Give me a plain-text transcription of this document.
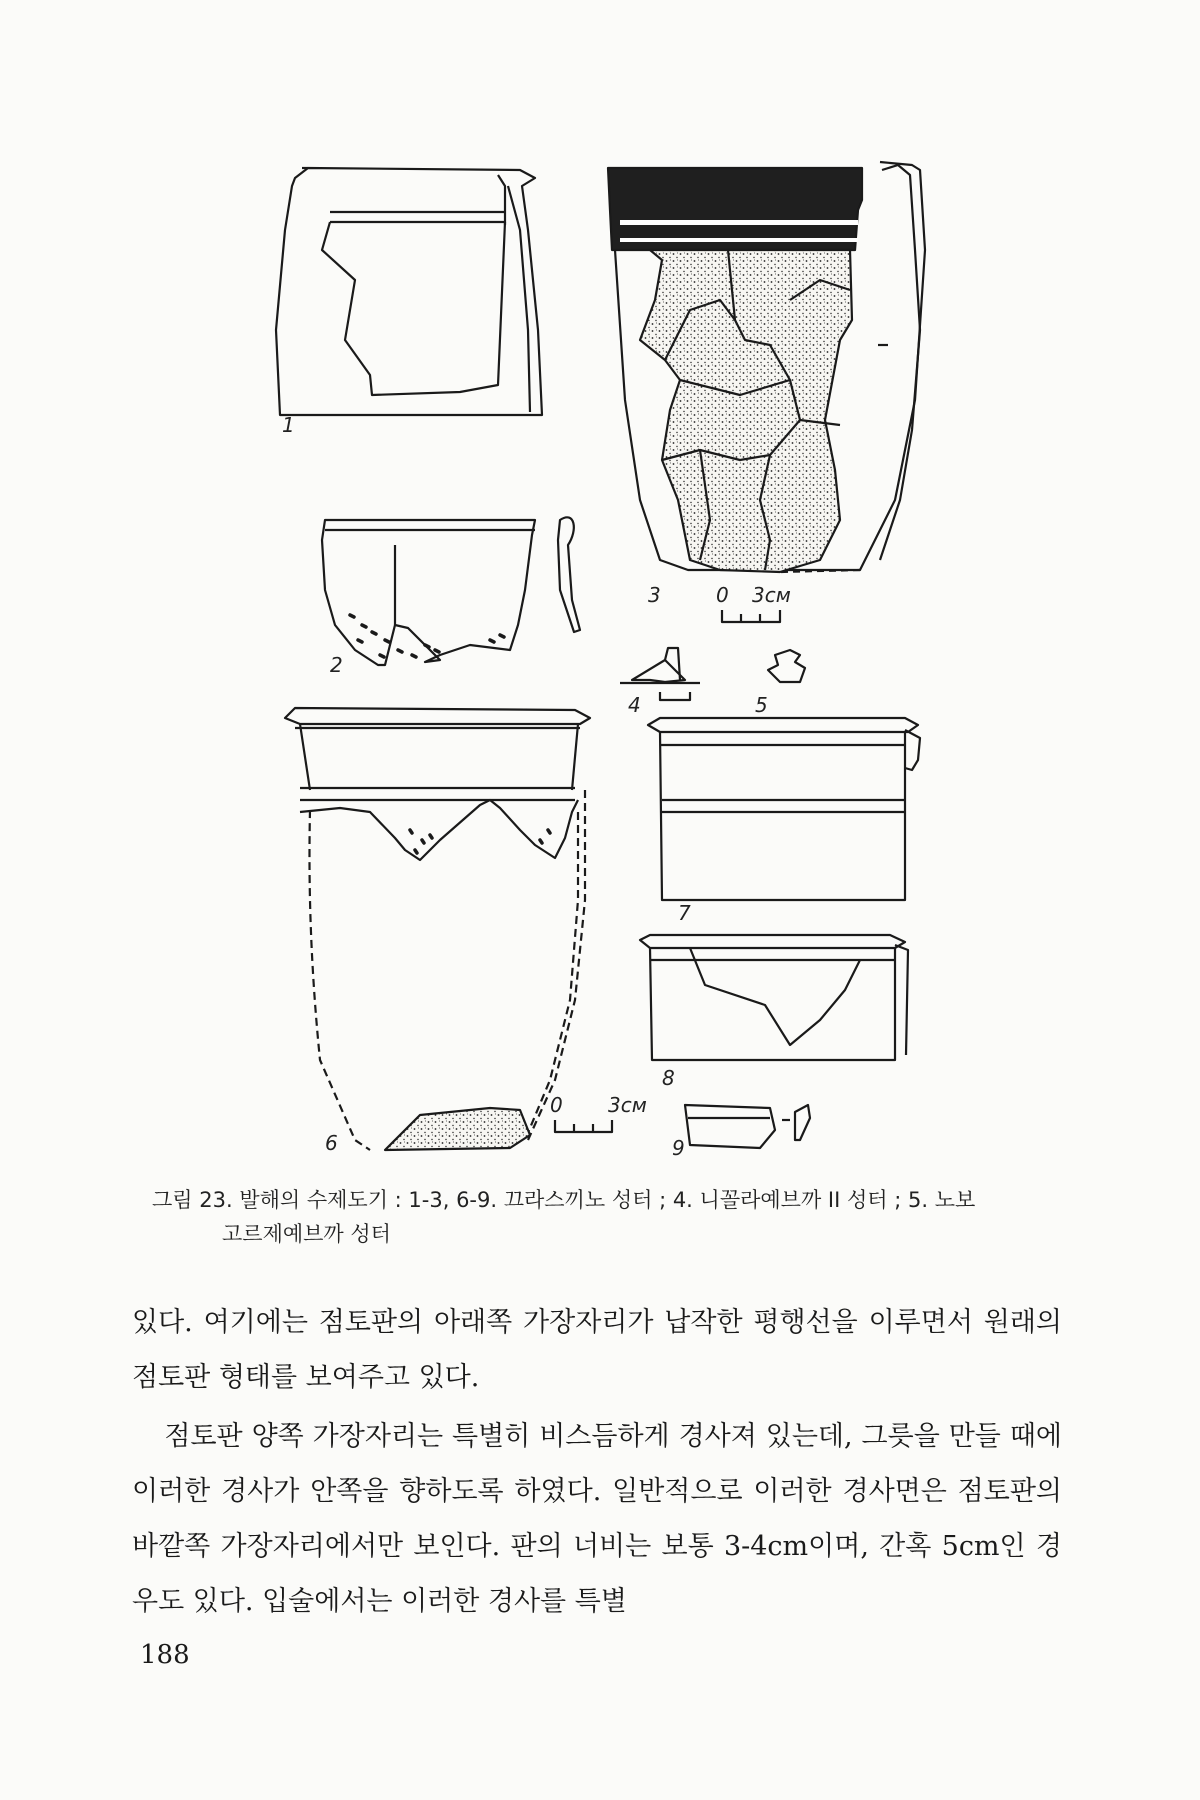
1
2
3
4	5
6
7
8
9
0 3см
0 3см
그림 23. 발해의 수제도기 : 1-3, 6-9. 끄라스끼노 성터 ; 4. 니꼴라예브까 II 성터 ; 5. 노보
고르제예브까 성터

있다. 여기에는 점토판의 아래쪽 가장자리가 납작한 평행선을 이루면서 원래의 점토판 형태를 보여주고 있다.

점토판 양쪽 가장자리는 특별히 비스듬하게 경사져 있는데, 그릇을 만들 때에 이러한 경사가 안쪽을 향하도록 하였다. 일반적으로 이러한 경사면은 점토판의 바깥쪽 가장자리에서만 보인다. 판의 너비는 보통 3-4cm이며, 간혹 5cm인 경우도 있다. 입술에서는 이러한 경사를 특별

188
